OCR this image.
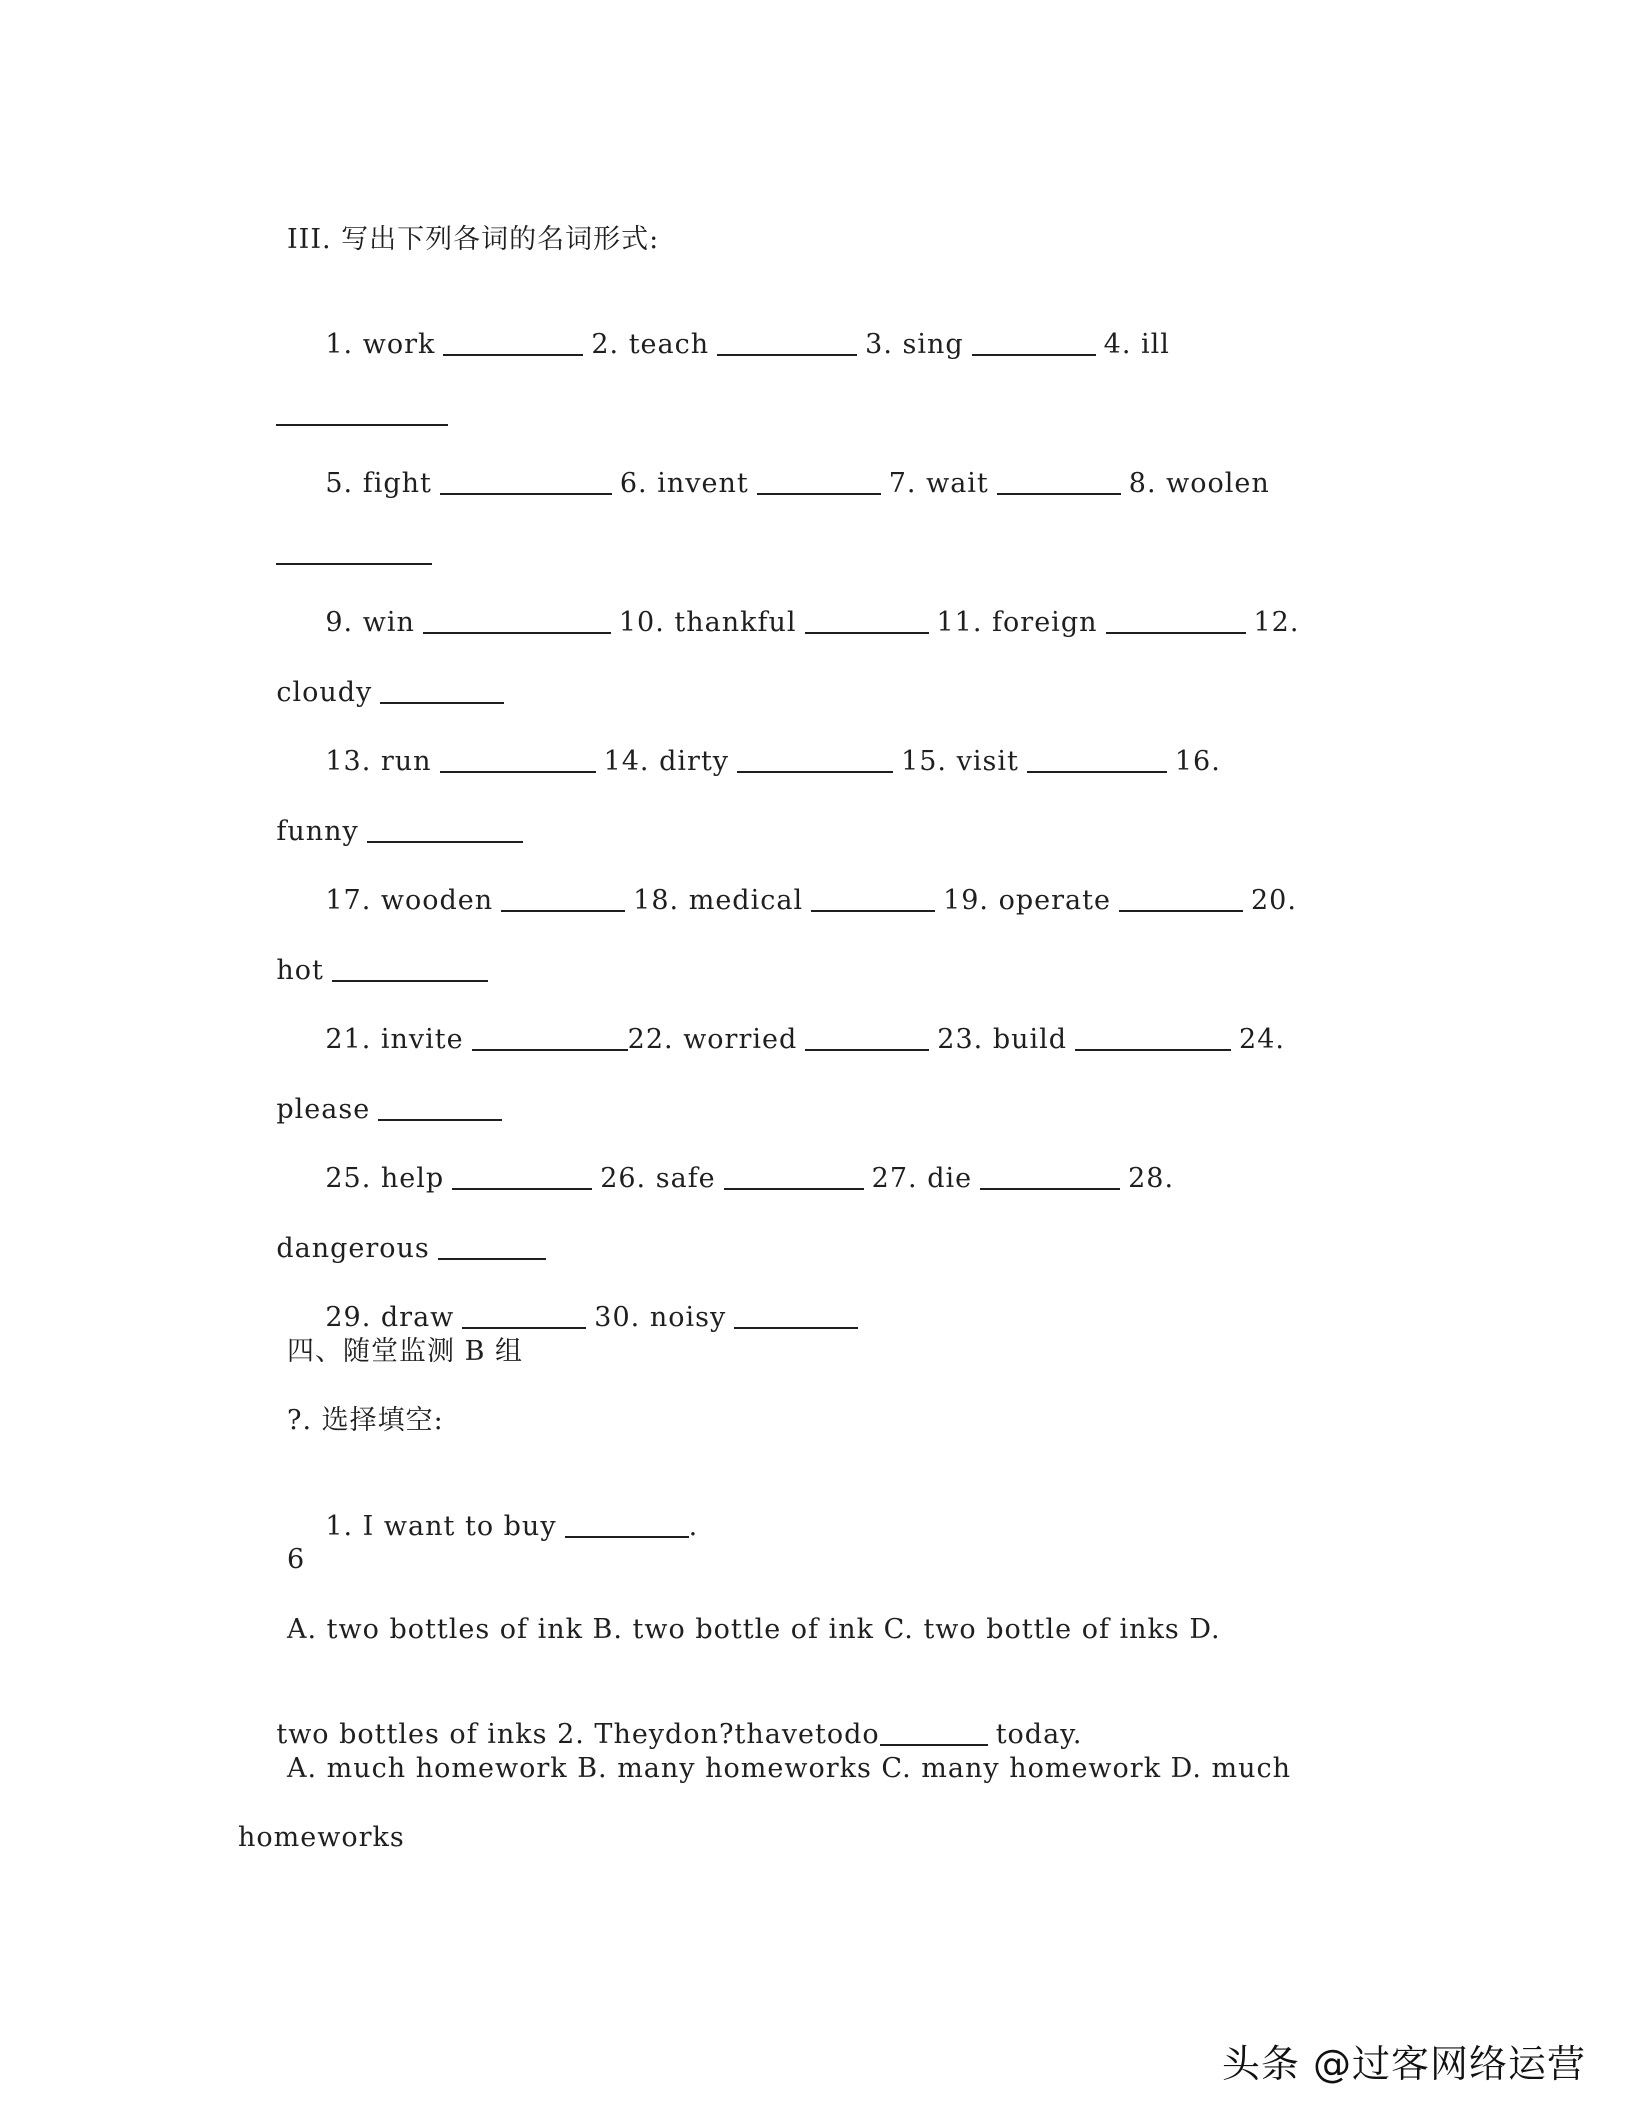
III. 写出下列各词的名词形式:

1. work	2. teach	3. sing	4. ill

5. fight	6. invent	7. wait	8. woolen

9. win	10. thankful	11. foreign	12.

cloudy

13. run	14. dirty	15. visit	16.

funny

17. wooden	18. medical	19. operate	20.

hot

21. invite	22. worried	23. build	24.

please

25. help	26. safe	27. die	28.

dangerous

29. draw	30. noisy

四、随堂监测 B 组
?. 选择填空:

1. I want to buy	.

6
A. two bottles of ink B. two bottle of ink C. two bottle of inks D.

two bottles of inks 2. Theydon?thavetodo	today.

A. much homework B. many homeworks C. many homework D. much
homeworks
头条 @过客网络运营
